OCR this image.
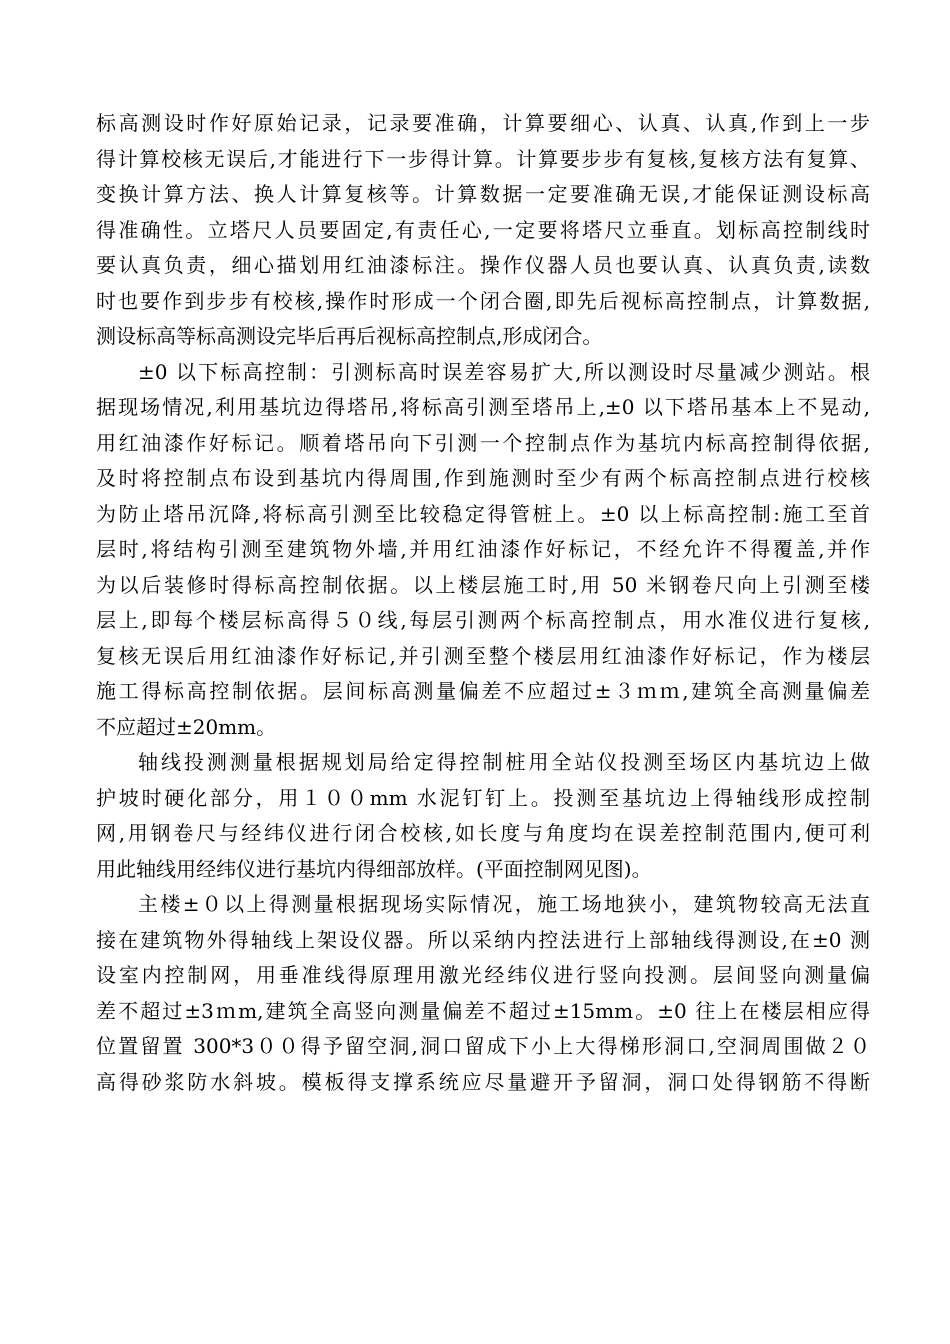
标高测设时作好原始记录，记录要准确，计算要细心、认真、认真,作到上一步
得计算校核无误后,才能进行下一步得计算。计算要步步有复核,复核方法有复算、
变换计算方法、换人计算复核等。计算数据一定要准确无误,才能保证测设标高
得准确性。立塔尺人员要固定,有责任心,一定要将塔尺立垂直。划标高控制线时
要认真负责，细心描划用红油漆标注。操作仪器人员也要认真、认真负责,读数
时也要作到步步有校核,操作时形成一个闭合圈,即先后视标高控制点，计算数据,
测设标高等标高测设完毕后再后视标高控制点,形成闭合。
±0 以下标高控制：引测标高时误差容易扩大,所以测设时尽量减少测站。根
据现场情况,利用基坑边得塔吊,将标高引测至塔吊上,±0 以下塔吊基本上不晃动,
用红油漆作好标记。顺着塔吊向下引测一个控制点作为基坑内标高控制得依据,
及时将控制点布设到基坑内得周围,作到施测时至少有两个标高控制点进行校核
为防止塔吊沉降,将标高引测至比较稳定得管桩上。±0 以上标高控制:施工至首
层时,将结构引测至建筑物外墙,并用红油漆作好标记，不经允许不得覆盖,并作
为以后装修时得标高控制依据。以上楼层施工时,用 50 米钢卷尺向上引测至楼
层上,即每个楼层标高得５０线,每层引测两个标高控制点，用水准仪进行复核,
复核无误后用红油漆作好标记,并引测至整个楼层用红油漆作好标记，作为楼层
施工得标高控制依据。层间标高测量偏差不应超过±３ｍｍ,建筑全高测量偏差
不应超过±20mm。
轴线投测测量根据规划局给定得控制桩用全站仪投测至场区内基坑边上做
护坡时硬化部分，用１００mm 水泥钉钉上。投测至基坑边上得轴线形成控制
网,用钢卷尺与经纬仪进行闭合校核,如长度与角度均在误差控制范围内,便可利
用此轴线用经纬仪进行基坑内得细部放样。(平面控制网见图)。
主楼±０以上得测量根据现场实际情况，施工场地狭小，建筑物较高无法直
接在建筑物外得轴线上架设仪器。所以采纳内控法进行上部轴线得测设,在±0 测
设室内控制网，用垂准线得原理用激光经纬仪进行竖向投测。层间竖向测量偏
差不超过±3ｍm,建筑全高竖向测量偏差不超过±15mm。±0 往上在楼层相应得
位置留置 300*3００得予留空洞,洞口留成下小上大得梯形洞口,空洞周围做２０
高得砂浆防水斜坡。模板得支撑系统应尽量避开予留洞，洞口处得钢筋不得断
